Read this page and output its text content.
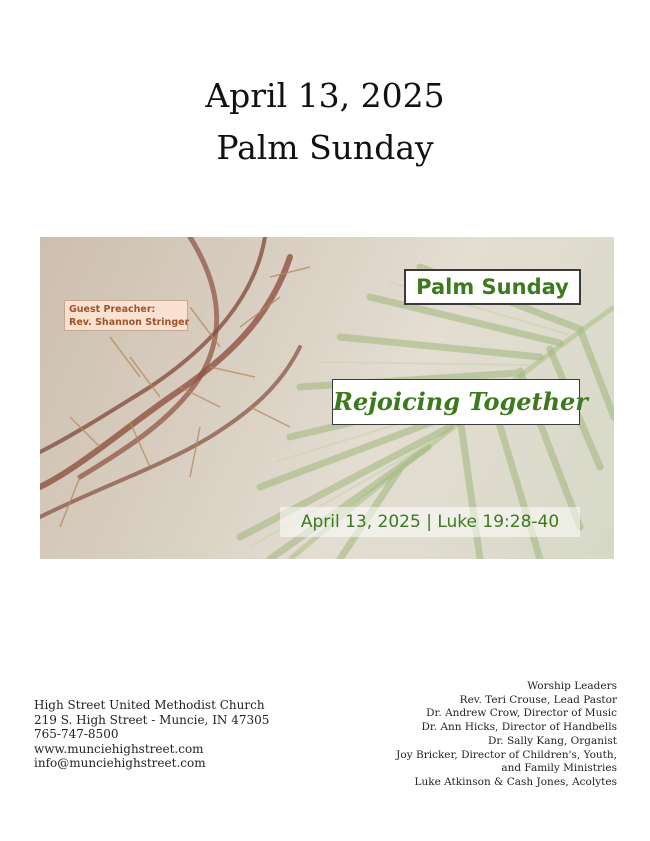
April 13, 2025
Palm Sunday
Guest Preacher:
Rev. Shannon Stringer
Palm Sunday
Rejoicing Together
April 13, 2025 | Luke 19:28-40
High Street United Methodist Church
219 S. High Street - Muncie, IN 47305
765-747-8500
www.munciehighstreet.com
info@munciehighstreet.com
Worship Leaders
Rev. Teri Crouse, Lead Pastor
Dr. Andrew Crow, Director of Music
Dr. Ann Hicks, Director of Handbells
Dr. Sally Kang, Organist
Joy Bricker, Director of Children's, Youth,
and Family Ministries
Luke Atkinson & Cash Jones, Acolytes
